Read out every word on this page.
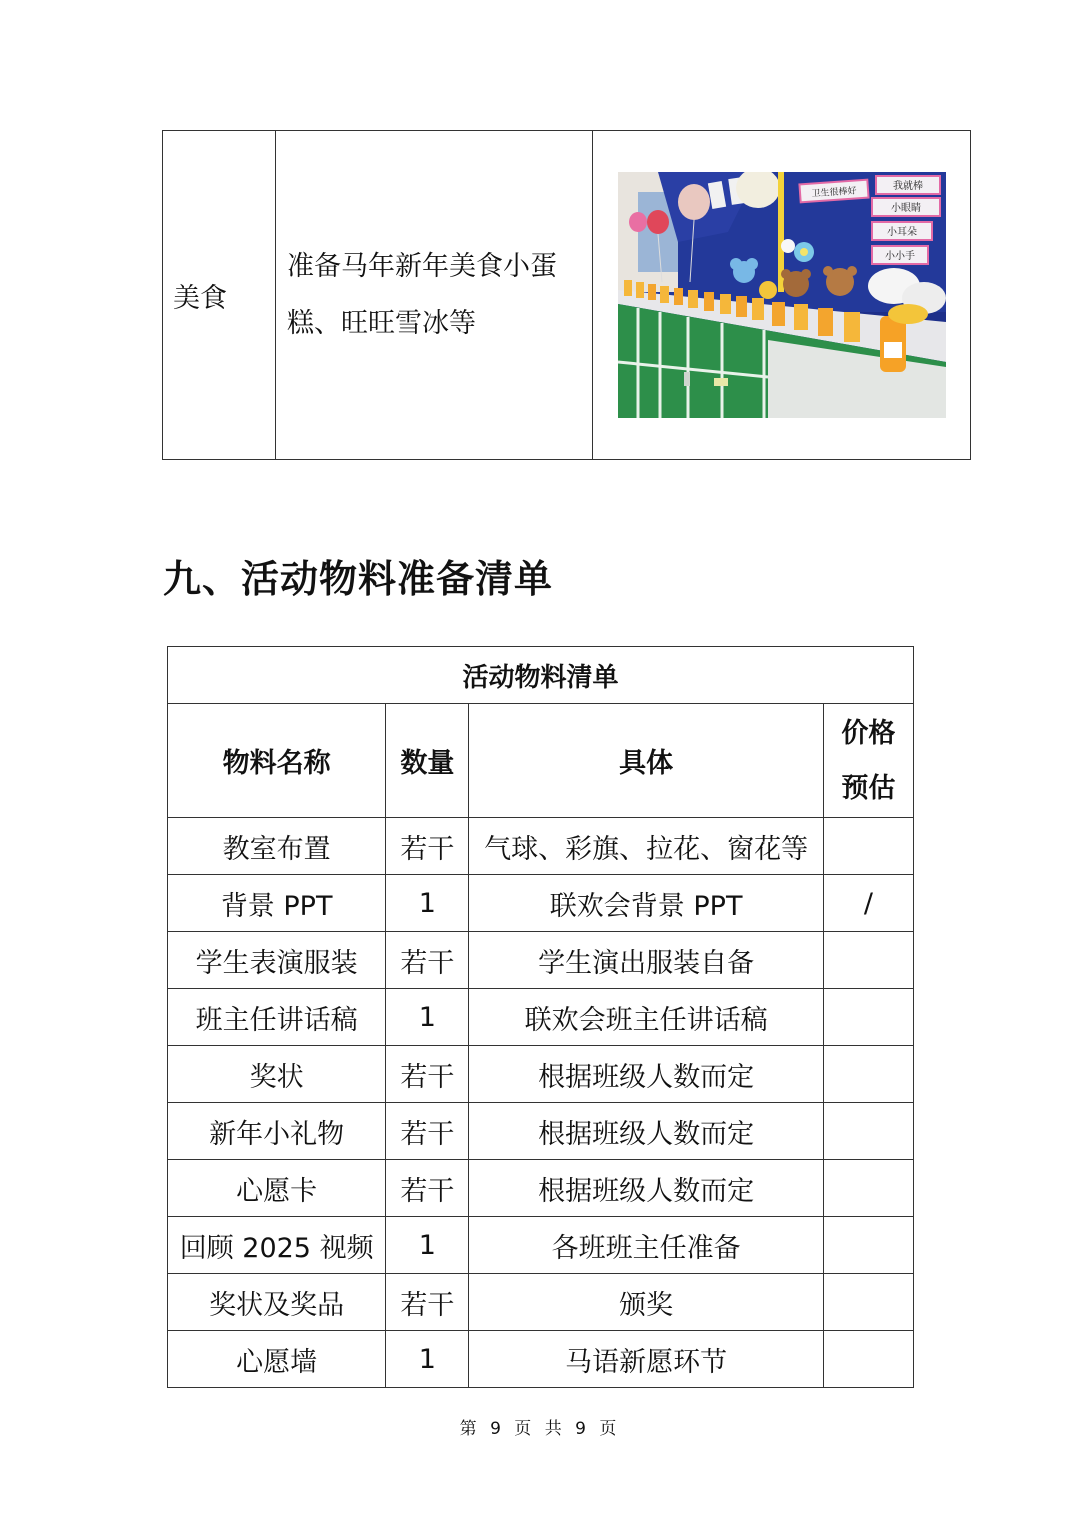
美食	准备马年新年美食小蛋糕、旺旺雪冰等	
我就棒
卫生很棒好
小眼睛
小耳朵
小小手
九、活动物料准备清单
活动物料清单			
物料名称	数量	具体	价格
预估
教室布置	若干	气球、彩旗、拉花、窗花等	
背景 PPT	1	联欢会背景 PPT	/
学生表演服装	若干	学生演出服装自备	
班主任讲话稿	1	联欢会班主任讲话稿	
奖状	若干	根据班级人数而定	
新年小礼物	若干	根据班级人数而定	
心愿卡	若干	根据班级人数而定	
回顾 2025 视频	1	各班班主任准备	
奖状及奖品	若干	颁奖	
心愿墙	1	马语新愿环节	
第 9 页 共 9 页
